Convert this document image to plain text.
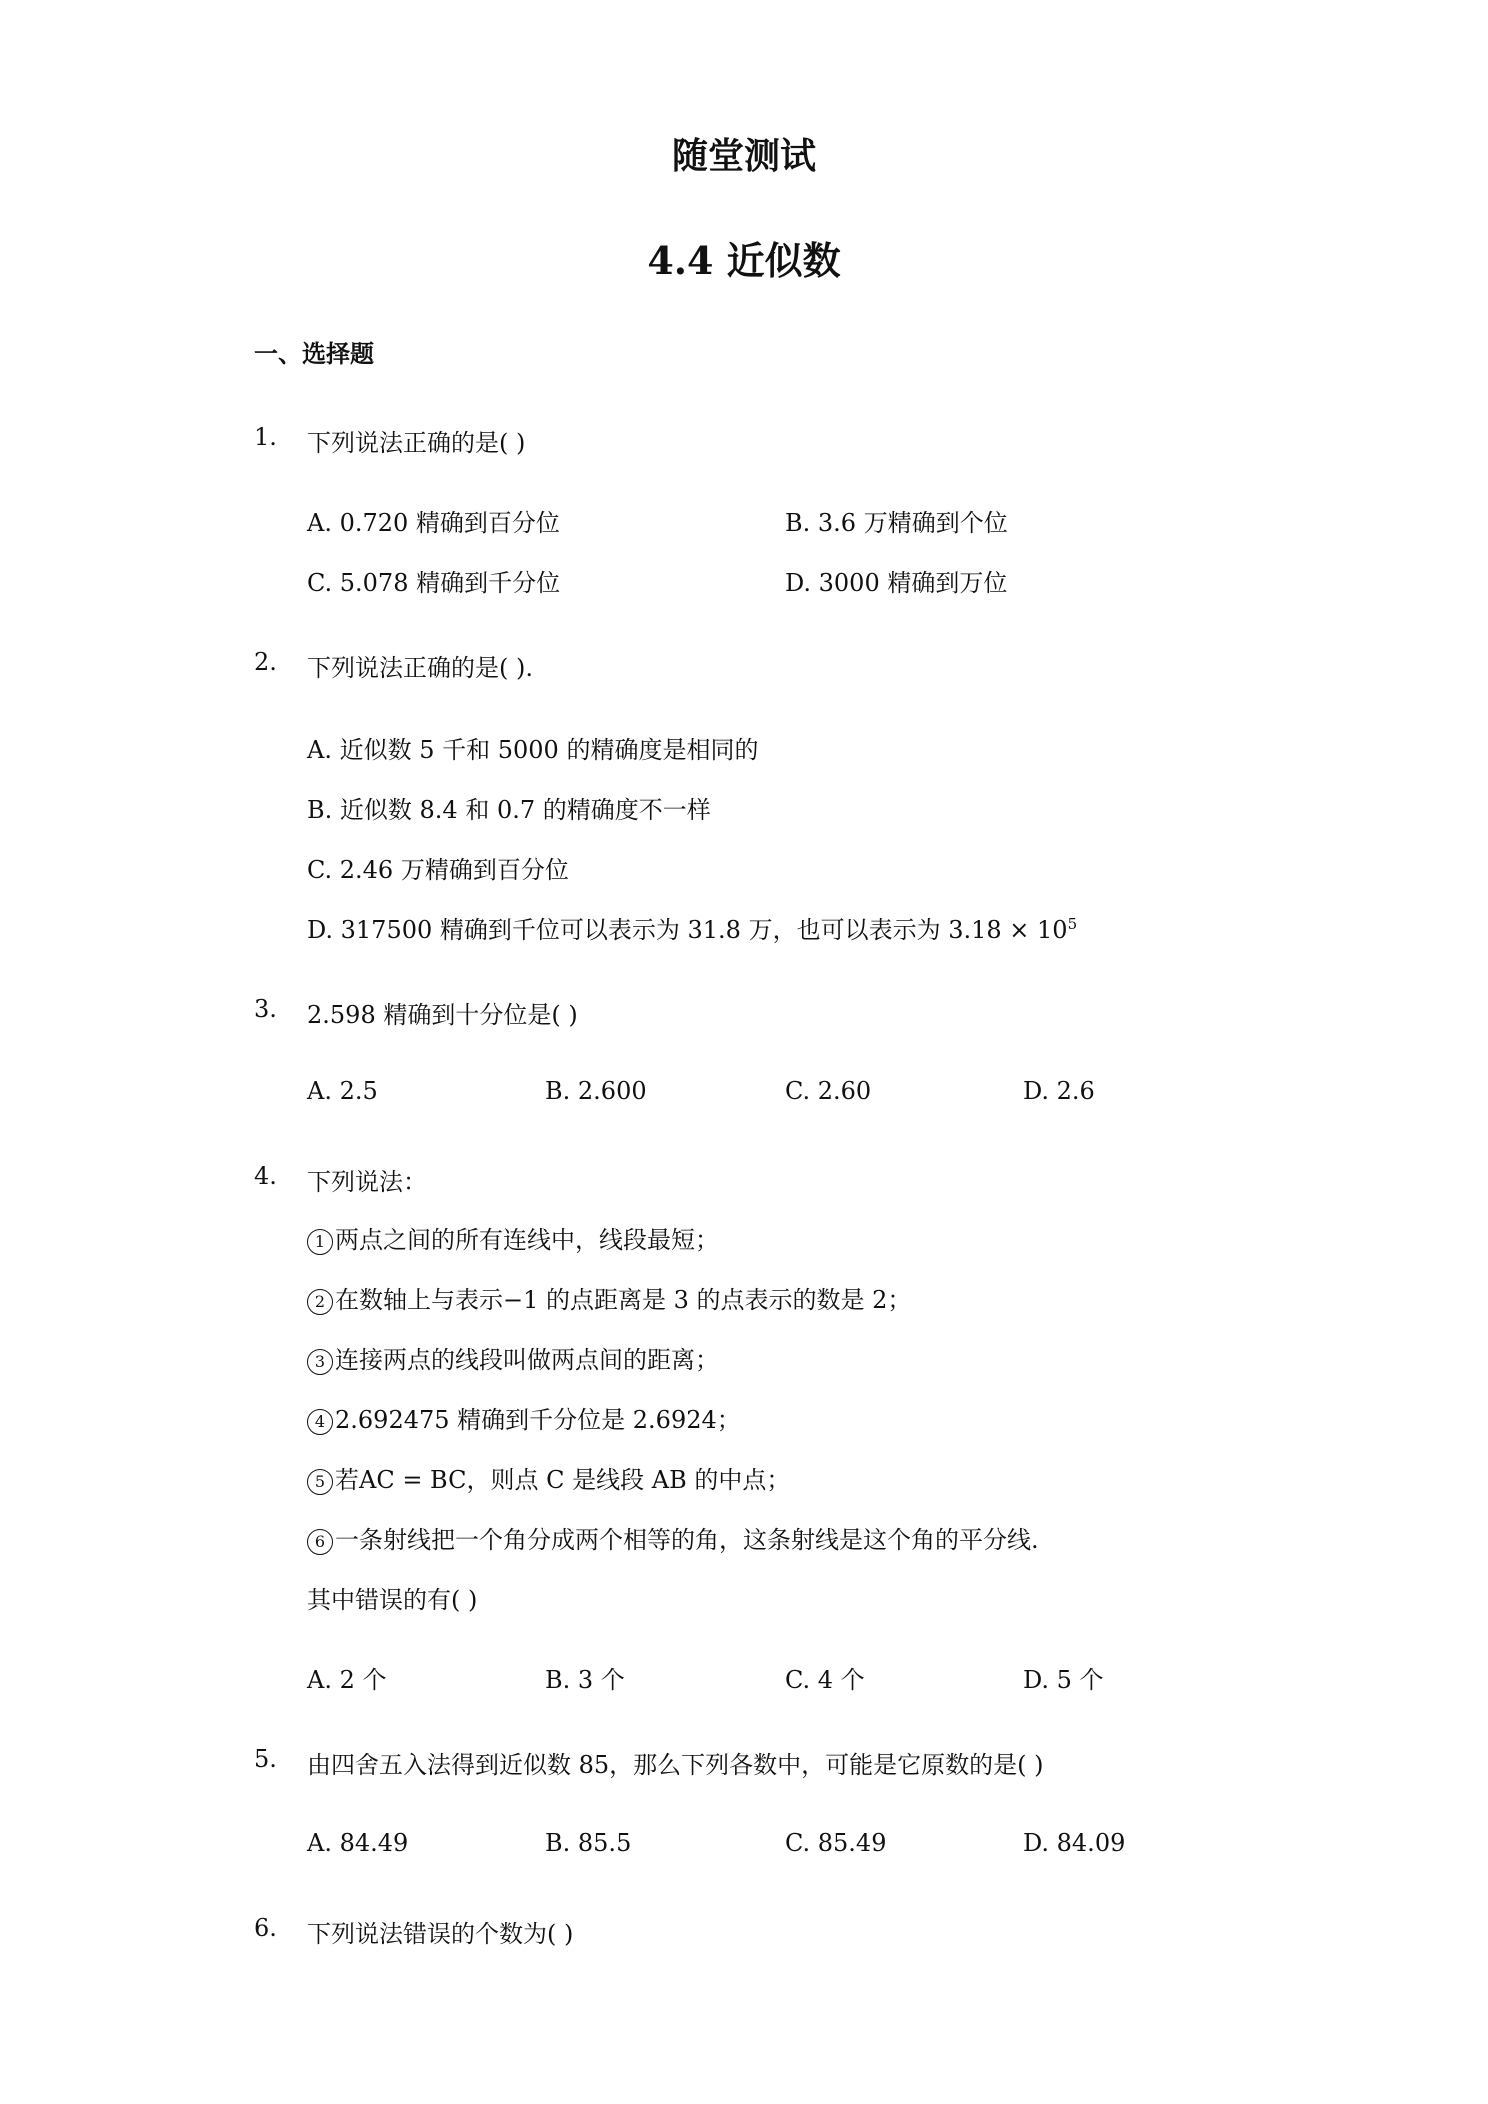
随堂测试
4.4 近似数
一、选择题
1. 下列说法正确的是( )
A. 0.720 精确到百分位	B. 3.6 万精确到个位
C. 5.078 精确到千分位	D. 3000 精确到万位
2. 下列说法正确的是( ).
A. 近似数 5 千和 5000 的精确度是相同的
B. 近似数 8.4 和 0.7 的精确度不一样
C. 2.46 万精确到百分位
D. 317500 精确到千位可以表示为 31.8 万，也可以表示为 $3.18 \times 10^5$
3. 2.598 精确到十分位是( )
A. 2.5	B. 2.600	C. 2.60	D. 2.6
4. 下列说法：
1 两点之间的所有连线中，线段最短；
2 在数轴上与表示−1 的点距离是 3 的点表示的数是 2；
3 连接两点的线段叫做两点间的距离；
4 2.692475 精确到千分位是 2.6924；
5 若AC = BC，则点 C 是线段 AB 的中点；
6 一条射线把一个角分成两个相等的角，这条射线是这个角的平分线.
其中错误的有( )
A. 2 个	B. 3 个	C. 4 个	D. 5 个
5. 由四舍五入法得到近似数 85，那么下列各数中，可能是它原数的是( )
A. 84.49	B. 85.5	C. 85.49	D. 84.09
6. 下列说法错误的个数为( )
